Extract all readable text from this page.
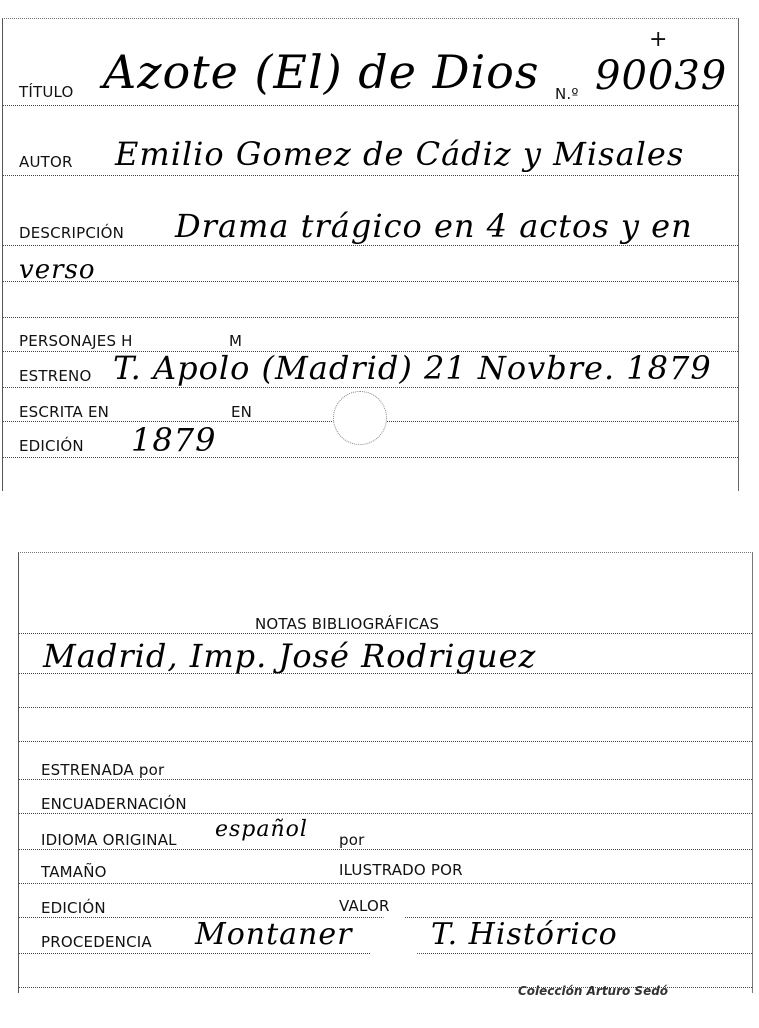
+
TÍTULO Azote (El) de Dios N.º 90039
AUTOR Emilio Gomez de Cádiz y Misales
DESCRIPCIÓN Drama trágico en 4 actos y en
verso
PERSONAJES H	M
ESTRENO T. Apolo (Madrid) 21 Novbre. 1879
ESCRITA EN	EN
EDICIÓN 1879
NOTAS BIBLIOGRÁFICAS
Madrid, Imp. José Rodriguez
ESTRENADA por
ENCUADERNACIÓN
IDIOMA ORIGINAL español por
TAMAÑO	ILUSTRADO POR
EDICIÓN	VALOR
PROCEDENCIA Montaner	T. Histórico
Colección Arturo Sedó
